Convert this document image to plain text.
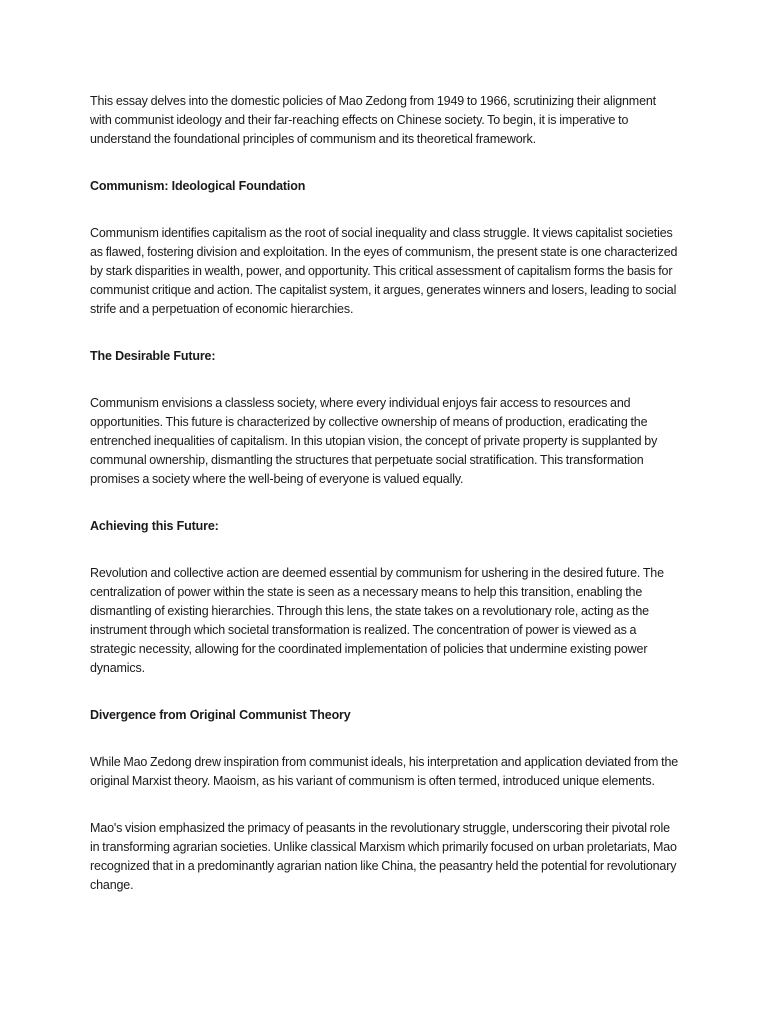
This essay delves into the domestic policies of Mao Zedong from 1949 to 1966, scrutinizing their alignment with communist ideology and their far-reaching effects on Chinese society. To begin, it is imperative to understand the foundational principles of communism and its theoretical framework.

Communism: Ideological Foundation

Communism identifies capitalism as the root of social inequality and class struggle. It views capitalist societies as flawed, fostering division and exploitation. In the eyes of communism, the present state is one characterized by stark disparities in wealth, power, and opportunity. This critical assessment of capitalism forms the basis for communist critique and action. The capitalist system, it argues, generates winners and losers, leading to social strife and a perpetuation of economic hierarchies.

The Desirable Future:

Communism envisions a classless society, where every individual enjoys fair access to resources and opportunities. This future is characterized by collective ownership of means of production, eradicating the entrenched inequalities of capitalism. In this utopian vision, the concept of private property is supplanted by communal ownership, dismantling the structures that perpetuate social stratification. This transformation promises a society where the well-being of everyone is valued equally.

Achieving this Future:

Revolution and collective action are deemed essential by communism for ushering in the desired future. The centralization of power within the state is seen as a necessary means to help this transition, enabling the dismantling of existing hierarchies. Through this lens, the state takes on a revolutionary role, acting as the instrument through which societal transformation is realized. The concentration of power is viewed as a strategic necessity, allowing for the coordinated implementation of policies that undermine existing power dynamics.

Divergence from Original Communist Theory

While Mao Zedong drew inspiration from communist ideals, his interpretation and application deviated from the original Marxist theory. Maoism, as his variant of communism is often termed, introduced unique elements.

Mao's vision emphasized the primacy of peasants in the revolutionary struggle, underscoring their pivotal role in transforming agrarian societies. Unlike classical Marxism which primarily focused on urban proletariats, Mao recognized that in a predominantly agrarian nation like China, the peasantry held the potential for revolutionary change.
